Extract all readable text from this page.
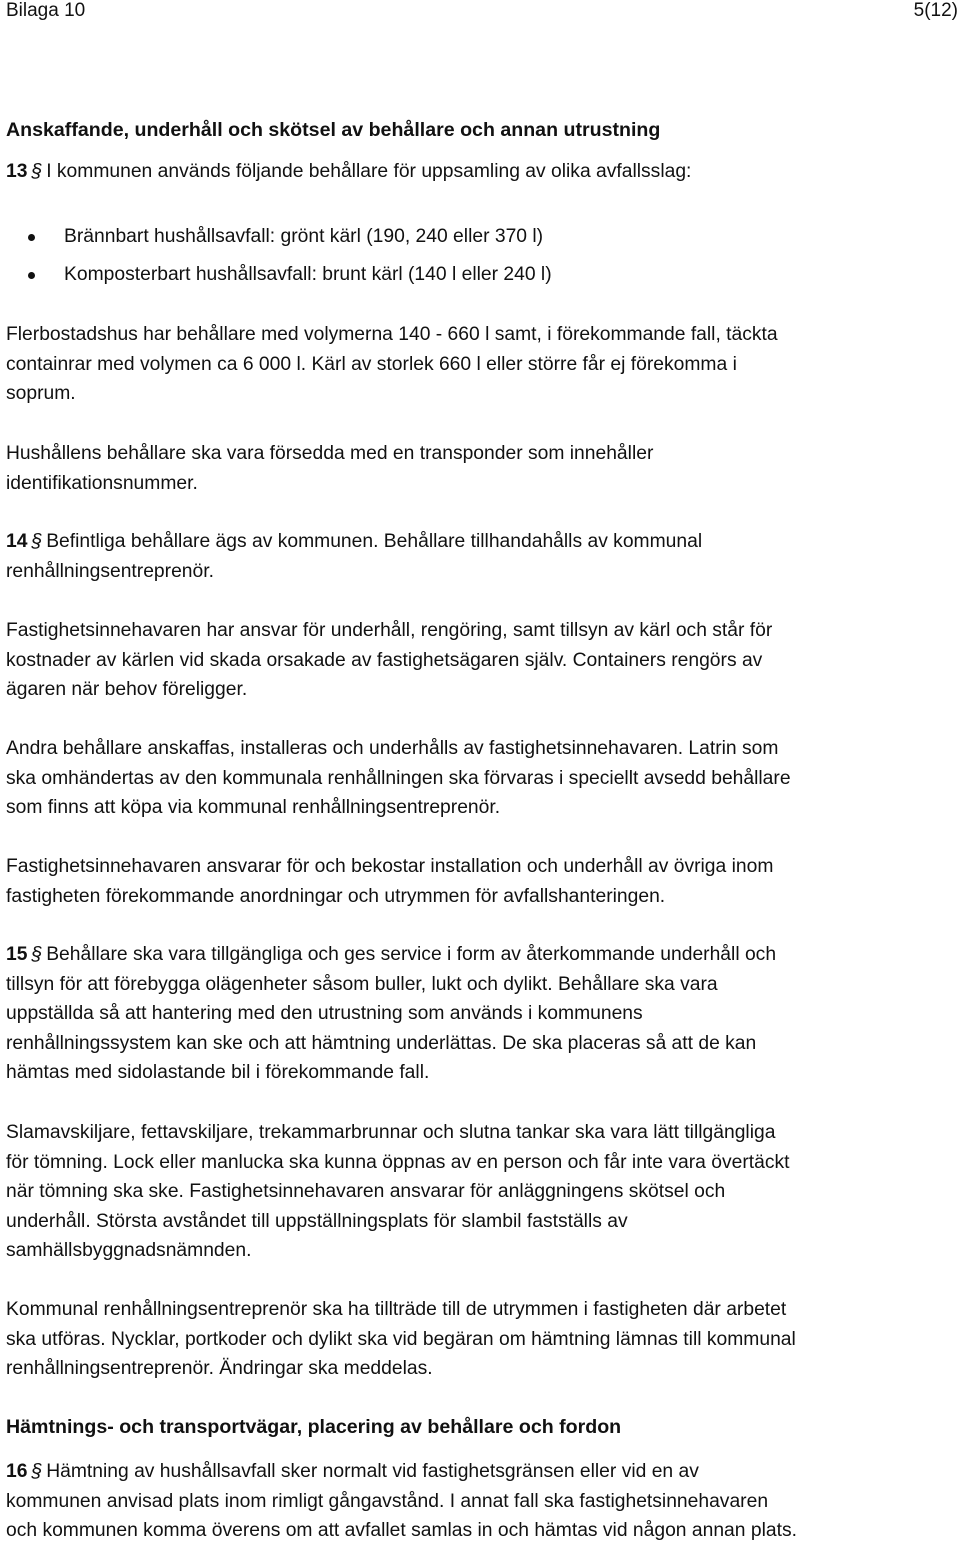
Bilaga 10	5(12)
Anskaffande, underhåll och skötsel av behållare och annan utrustning
13 § I kommunen används följande behållare för uppsamling av olika avfallsslag:
Brännbart hushållsavfall: grönt kärl (190, 240 eller 370 l)
Komposterbart hushållsavfall: brunt kärl (140 l eller 240 l)
Flerbostadshus har behållare med volymerna 140 - 660 l samt, i förekommande fall, täckta
containrar med volymen ca 6 000 l. Kärl av storlek 660 l eller större får ej förekomma i
soprum.
Hushållens behållare ska vara försedda med en transponder som innehåller
identifikationsnummer.
14 § Befintliga behållare ägs av kommunen. Behållare tillhandahålls av kommunal
renhållningsentreprenör.
Fastighetsinnehavaren har ansvar för underhåll, rengöring, samt tillsyn av kärl och står för
kostnader av kärlen vid skada orsakade av fastighetsägaren själv. Containers rengörs av
ägaren när behov föreligger.
Andra behållare anskaffas, installeras och underhålls av fastighetsinnehavaren. Latrin som
ska omhändertas av den kommunala renhållningen ska förvaras i speciellt avsedd behållare
som finns att köpa via kommunal renhållningsentreprenör.
Fastighetsinnehavaren ansvarar för och bekostar installation och underhåll av övriga inom
fastigheten förekommande anordningar och utrymmen för avfallshanteringen.
15 § Behållare ska vara tillgängliga och ges service i form av återkommande underhåll och
tillsyn för att förebygga olägenheter såsom buller, lukt och dylikt. Behållare ska vara
uppställda så att hantering med den utrustning som används i kommunens
renhållningssystem kan ske och att hämtning underlättas. De ska placeras så att de kan
hämtas med sidolastande bil i förekommande fall.
Slamavskiljare, fettavskiljare, trekammarbrunnar och slutna tankar ska vara lätt tillgängliga
för tömning. Lock eller manlucka ska kunna öppnas av en person och får inte vara övertäckt
när tömning ska ske. Fastighetsinnehavaren ansvarar för anläggningens skötsel och
underhåll. Största avståndet till uppställningsplats för slambil fastställs av
samhällsbyggnadsnämnden.
Kommunal renhållningsentreprenör ska ha tillträde till de utrymmen i fastigheten där arbetet
ska utföras. Nycklar, portkoder och dylikt ska vid begäran om hämtning lämnas till kommunal
renhållningsentreprenör. Ändringar ska meddelas.
Hämtnings- och transportvägar, placering av behållare och fordon
16 § Hämtning av hushållsavfall sker normalt vid fastighetsgränsen eller vid en av
kommunen anvisad plats inom rimligt gångavstånd. I annat fall ska fastighetsinnehavaren
och kommunen komma överens om att avfallet samlas in och hämtas vid någon annan plats.
